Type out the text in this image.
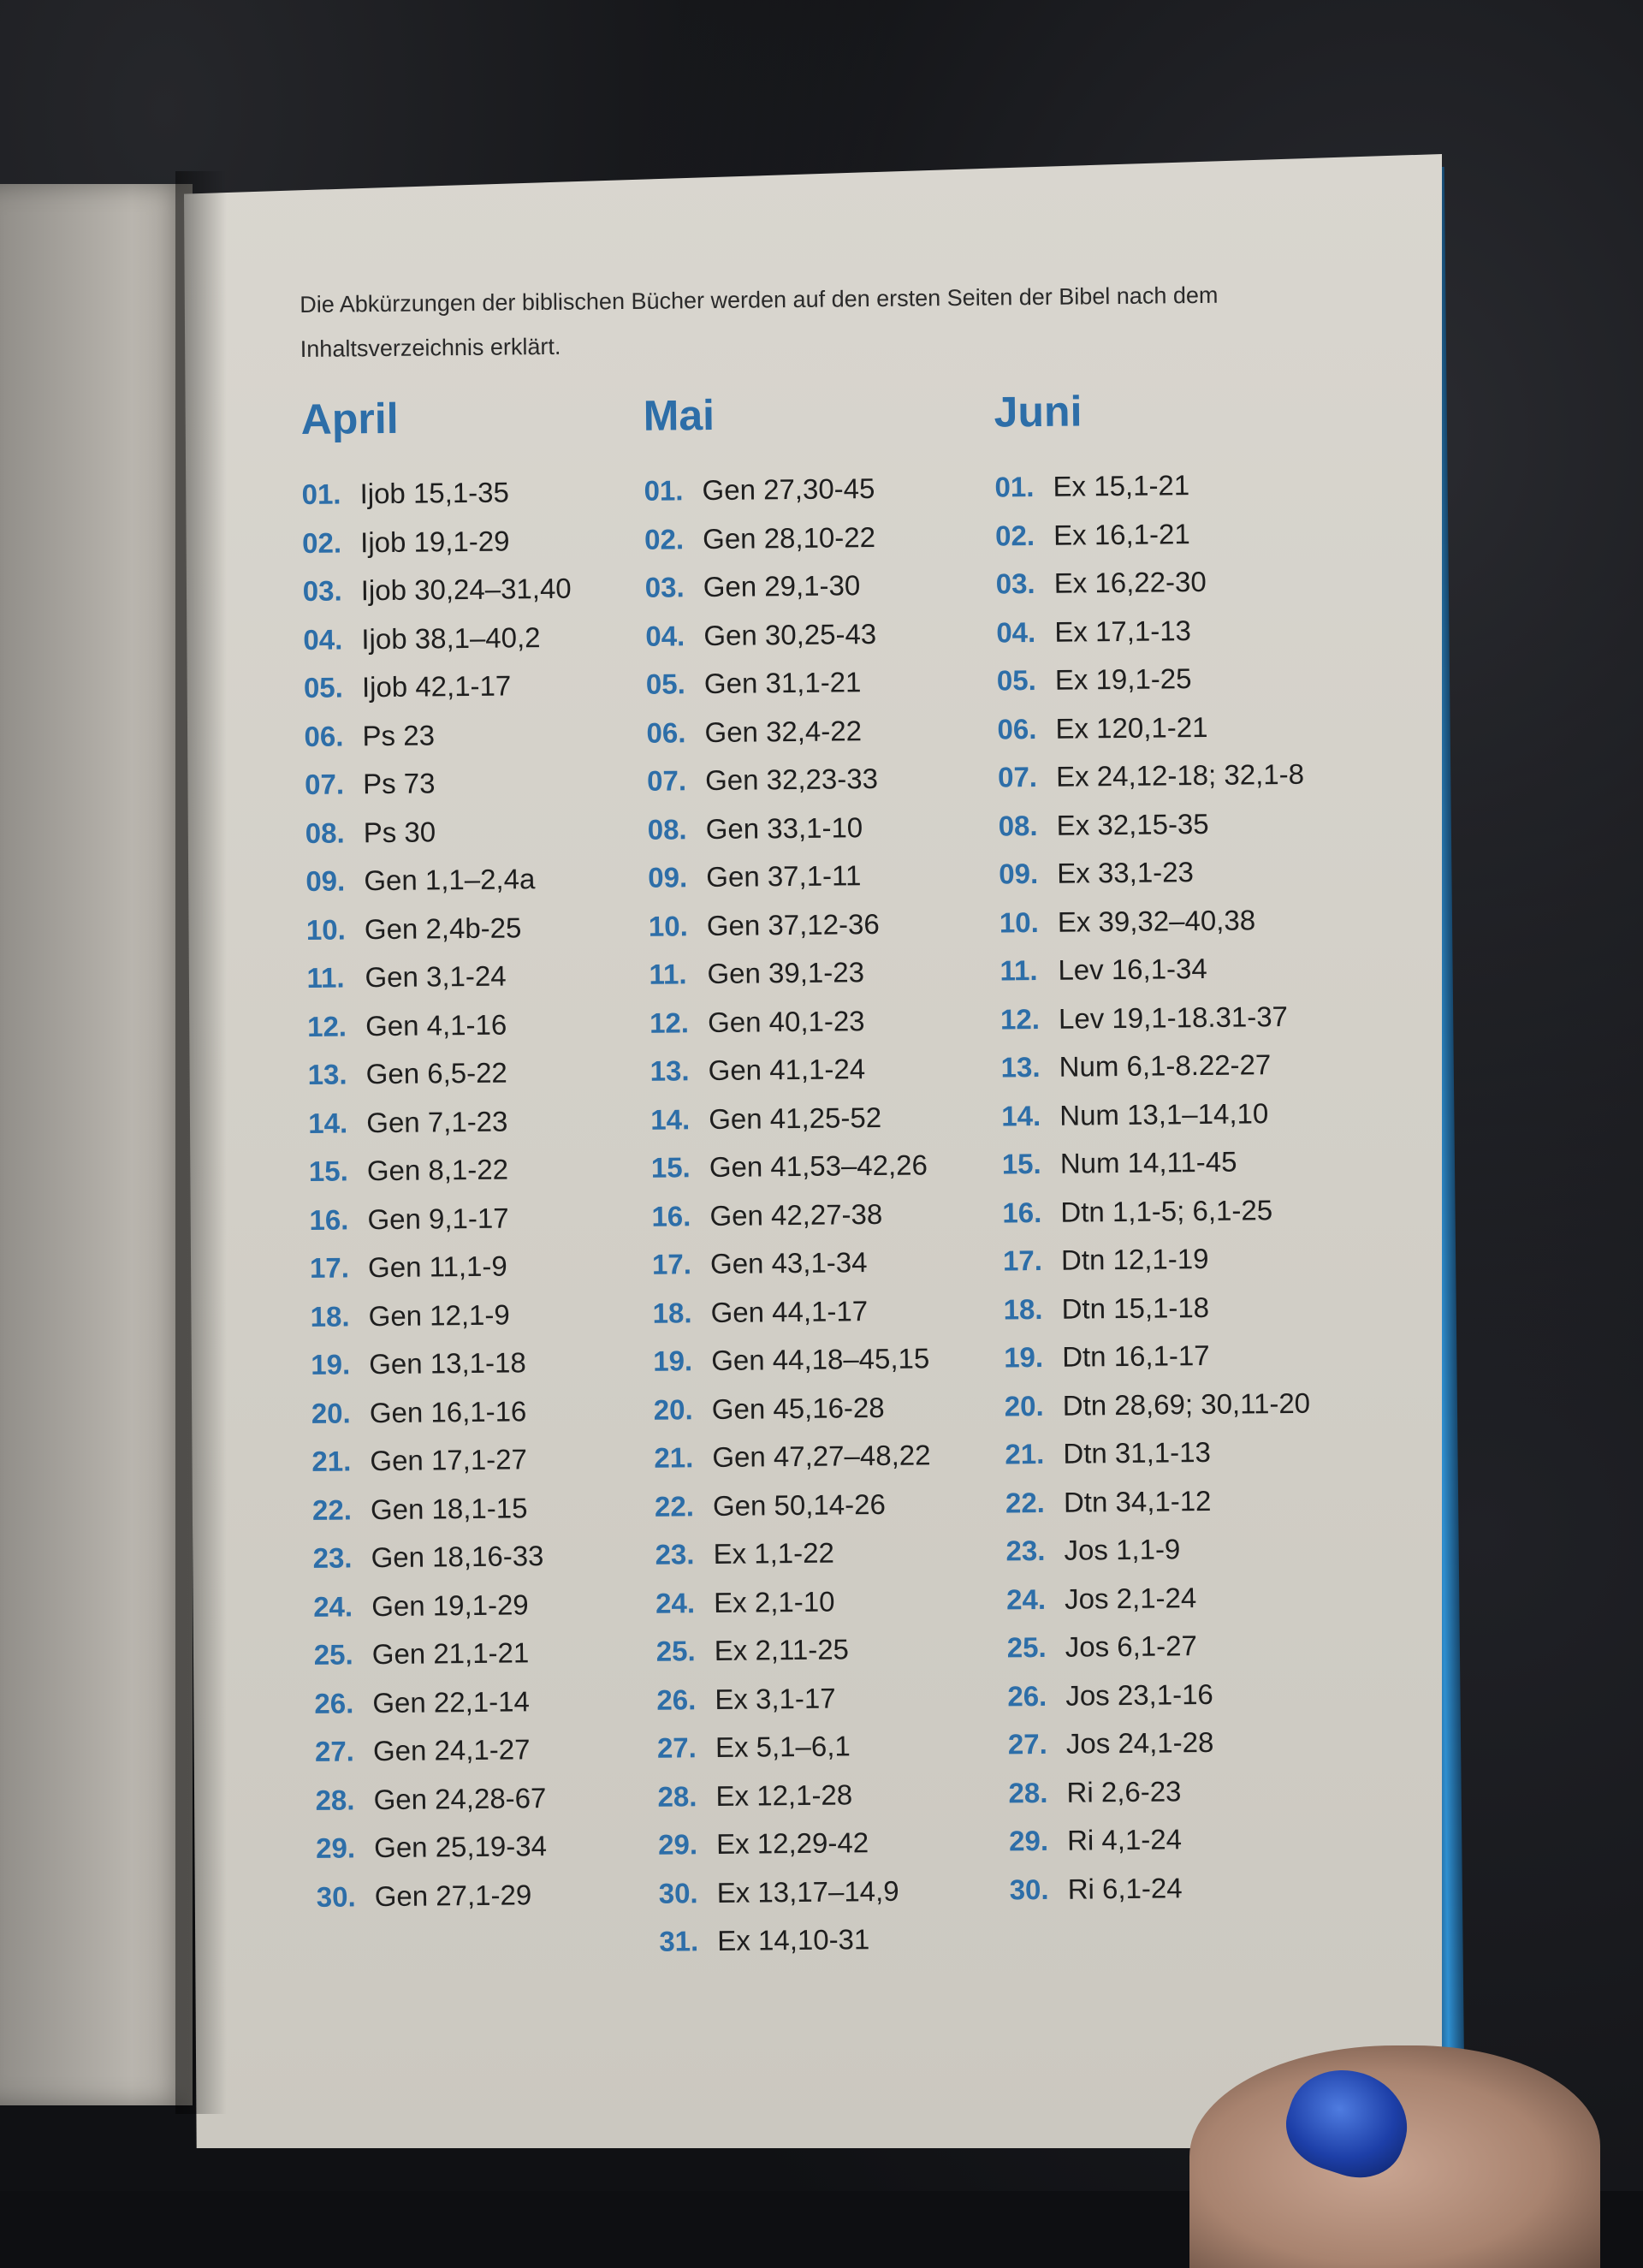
Die Abkürzungen der biblischen Bücher werden auf den ersten Seiten der Bibel nach dem Inhaltsverzeichnis erklärt.
April
01. Ijob 15,1-35
02. Ijob 19,1-29
03. Ijob 30,24–31,40
04. Ijob 38,1–40,2
05. Ijob 42,1-17
06. Ps 23
07. Ps 73
08. Ps 30
09. Gen 1,1–2,4a
10. Gen 2,4b-25
11. Gen 3,1-24
12. Gen 4,1-16
13. Gen 6,5-22
14. Gen 7,1-23
15. Gen 8,1-22
16. Gen 9,1-17
17. Gen 11,1-9
18. Gen 12,1-9
19. Gen 13,1-18
20. Gen 16,1-16
21. Gen 17,1-27
22. Gen 18,1-15
23. Gen 18,16-33
24. Gen 19,1-29
25. Gen 21,1-21
26. Gen 22,1-14
27. Gen 24,1-27
28. Gen 24,28-67
29. Gen 25,19-34
30. Gen 27,1-29
Mai
01. Gen 27,30-45
02. Gen 28,10-22
03. Gen 29,1-30
04. Gen 30,25-43
05. Gen 31,1-21
06. Gen 32,4-22
07. Gen 32,23-33
08. Gen 33,1-10
09. Gen 37,1-11
10. Gen 37,12-36
11. Gen 39,1-23
12. Gen 40,1-23
13. Gen 41,1-24
14. Gen 41,25-52
15. Gen 41,53–42,26
16. Gen 42,27-38
17. Gen 43,1-34
18. Gen 44,1-17
19. Gen 44,18–45,15
20. Gen 45,16-28
21. Gen 47,27–48,22
22. Gen 50,14-26
23. Ex 1,1-22
24. Ex 2,1-10
25. Ex 2,11-25
26. Ex 3,1-17
27. Ex 5,1–6,1
28. Ex 12,1-28
29. Ex 12,29-42
30. Ex 13,17–14,9
31. Ex 14,10-31
Juni
01. Ex 15,1-21
02. Ex 16,1-21
03. Ex 16,22-30
04. Ex 17,1-13
05. Ex 19,1-25
06. Ex 120,1-21
07. Ex 24,12-18; 32,1-8
08. Ex 32,15-35
09. Ex 33,1-23
10. Ex 39,32–40,38
11. Lev 16,1-34
12. Lev 19,1-18.31-37
13. Num 6,1-8.22-27
14. Num 13,1–14,10
15. Num 14,11-45
16. Dtn 1,1-5; 6,1-25
17. Dtn 12,1-19
18. Dtn 15,1-18
19. Dtn 16,1-17
20. Dtn 28,69; 30,11-20
21. Dtn 31,1-13
22. Dtn 34,1-12
23. Jos 1,1-9
24. Jos 2,1-24
25. Jos 6,1-27
26. Jos 23,1-16
27. Jos 24,1-28
28. Ri 2,6-23
29. Ri 4,1-24
30. Ri 6,1-24
